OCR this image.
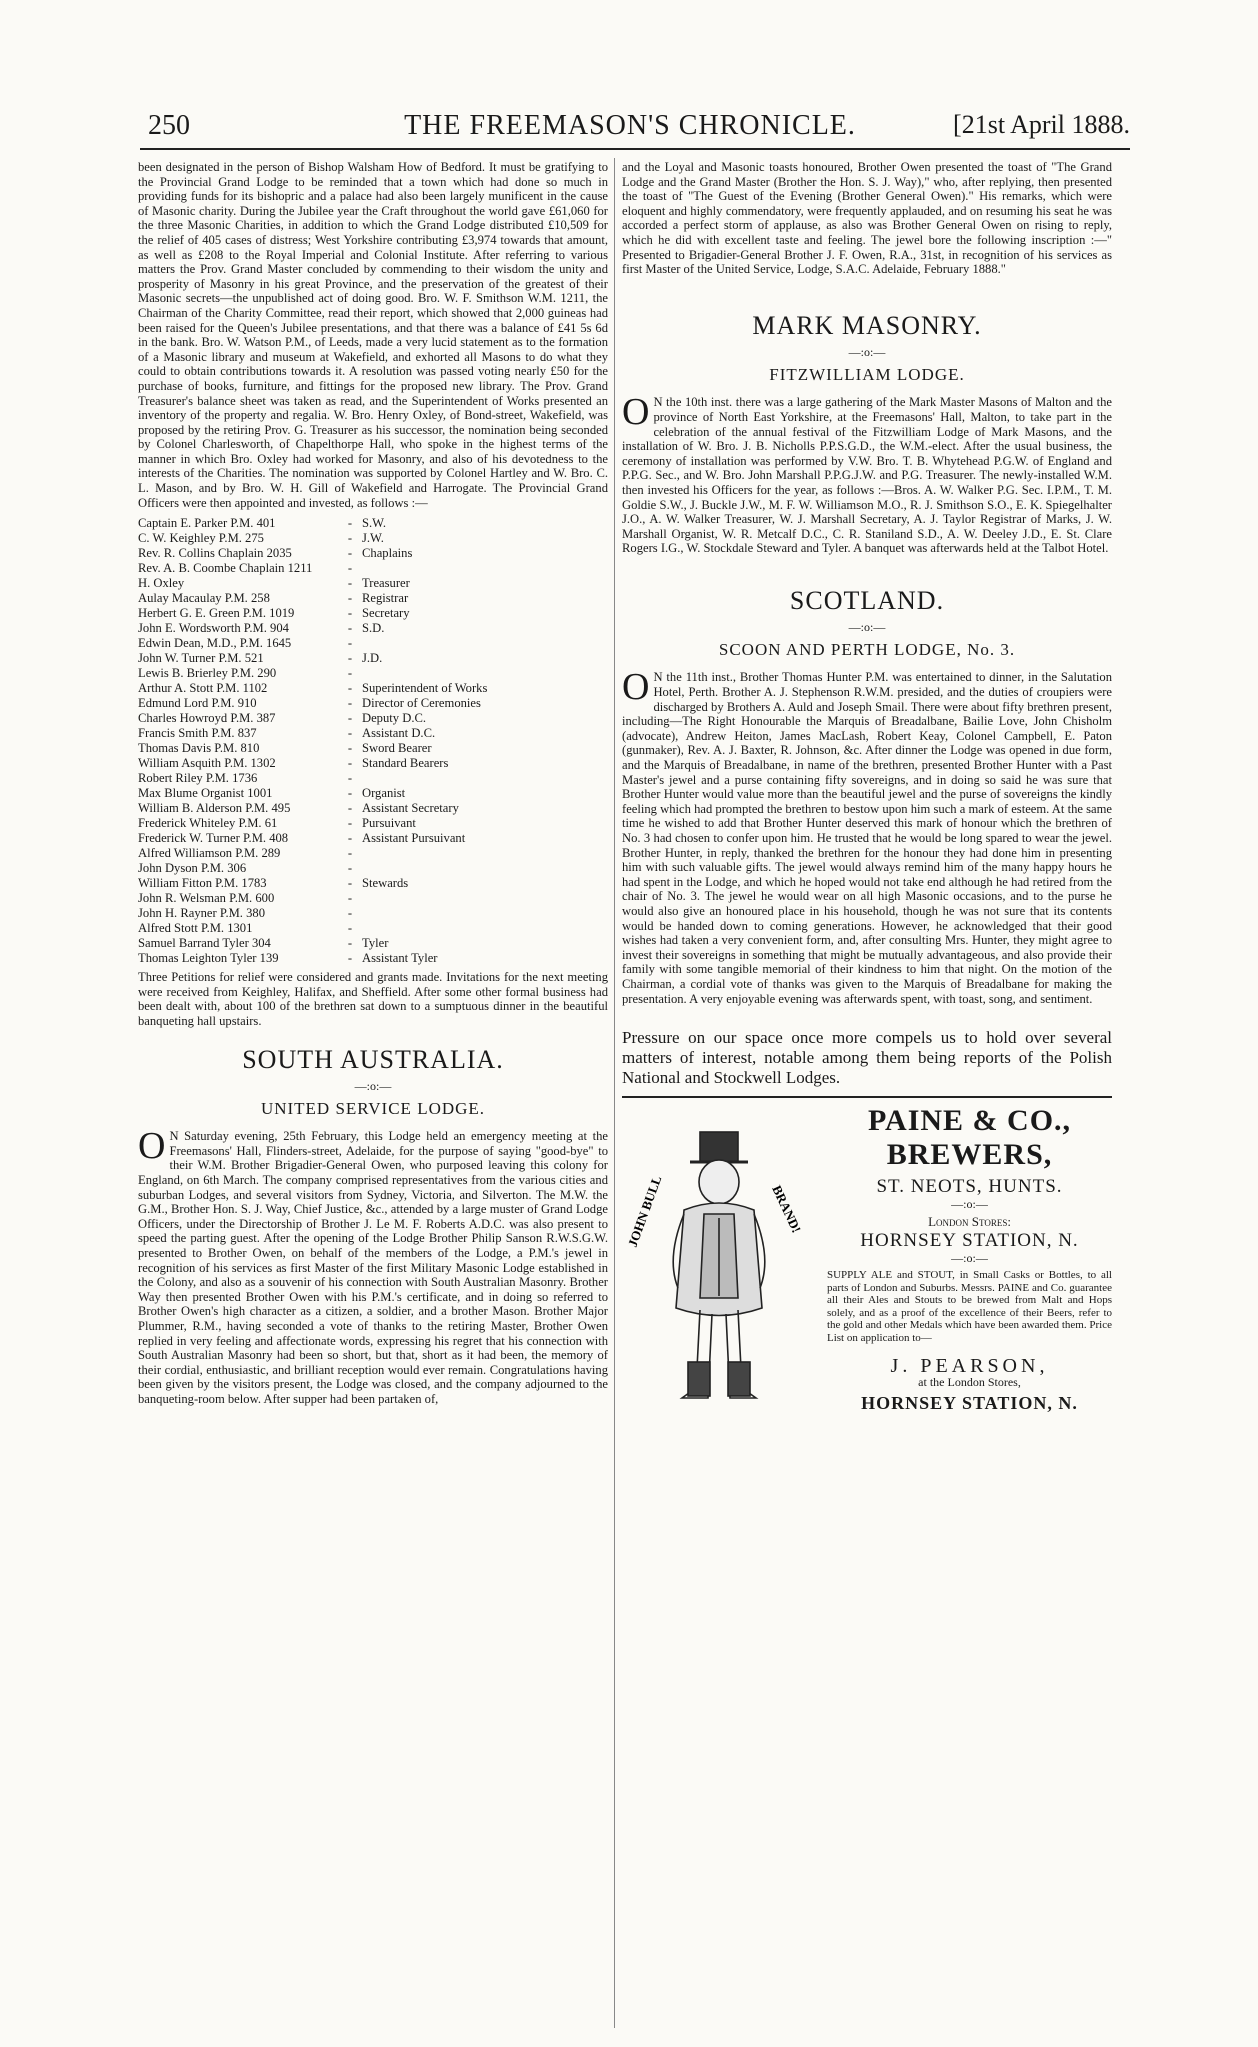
250	THE FREEMASON'S CHRONICLE.	[21st April 1888.

been designated in the person of Bishop Walsham How of Bedford. It must be gratifying to the Provincial Grand Lodge to be reminded that a town which had done so much in providing funds for its bishopric and a palace had also been largely munificent in the cause of Masonic charity. During the Jubilee year the Craft throughout the world gave £61,060 for the three Masonic Charities, in addition to which the Grand Lodge distributed £10,509 for the relief of 405 cases of distress; West Yorkshire contributing £3,974 towards that amount, as well as £208 to the Royal Imperial and Colonial Institute. After referring to various matters the Prov. Grand Master concluded by commending to their wisdom the unity and prosperity of Masonry in his great Province, and the preservation of the greatest of their Masonic secrets—the unpublished act of doing good. Bro. W. F. Smithson W.M. 1211, the Chairman of the Charity Committee, read their report, which showed that 2,000 guineas had been raised for the Queen's Jubilee presentations, and that there was a balance of £41 5s 6d in the bank. Bro. W. Watson P.M., of Leeds, made a very lucid statement as to the formation of a Masonic library and museum at Wakefield, and exhorted all Masons to do what they could to obtain contributions towards it. A resolution was passed voting nearly £50 for the purchase of books, furniture, and fittings for the proposed new library. The Prov. Grand Treasurer's balance sheet was taken as read, and the Superintendent of Works presented an inventory of the property and regalia. W. Bro. Henry Oxley, of Bond-street, Wakefield, was proposed by the retiring Prov. G. Treasurer as his successor, the nomination being seconded by Colonel Charlesworth, of Chapelthorpe Hall, who spoke in the highest terms of the manner in which Bro. Oxley had worked for Masonry, and also of his devotedness to the interests of the Charities. The nomination was supported by Colonel Hartley and W. Bro. C. L. Mason, and by Bro. W. H. Gill of Wakefield and Harrogate. The Provincial Grand Officers were then appointed and invested, as follows :—

Captain E. Parker P.M. 401	-	S.W.
C. W. Keighley P.M. 275	-	J.W.
Rev. R. Collins Chaplain 2035	-	Chaplains
Rev. A. B. Coombe Chaplain 1211	-	
H. Oxley	-	Treasurer
Aulay Macaulay P.M. 258	-	Registrar
Herbert G. E. Green P.M. 1019	-	Secretary
John E. Wordsworth P.M. 904	-	S.D.
Edwin Dean, M.D., P.M. 1645	-	
John W. Turner P.M. 521	-	J.D.
Lewis B. Brierley P.M. 290	-	
Arthur A. Stott P.M. 1102	-	Superintendent of Works
Edmund Lord P.M. 910	-	Director of Ceremonies
Charles Howroyd P.M. 387	-	Deputy D.C.
Francis Smith P.M. 837	-	Assistant D.C.
Thomas Davis P.M. 810	-	Sword Bearer
William Asquith P.M. 1302	-	Standard Bearers
Robert Riley P.M. 1736	-	
Max Blume Organist 1001	-	Organist
William B. Alderson P.M. 495	-	Assistant Secretary
Frederick Whiteley P.M. 61	-	Pursuivant
Frederick W. Turner P.M. 408	-	Assistant Pursuivant
Alfred Williamson P.M. 289	-	
John Dyson P.M. 306	-	
William Fitton P.M. 1783	-	Stewards
John R. Welsman P.M. 600	-	
John H. Rayner P.M. 380	-	
Alfred Stott P.M. 1301	-	
Samuel Barrand Tyler 304	-	Tyler
Thomas Leighton Tyler 139	-	Assistant Tyler

Three Petitions for relief were considered and grants made. Invitations for the next meeting were received from Keighley, Halifax, and Sheffield. After some other formal business had been dealt with, about 100 of the brethren sat down to a sumptuous dinner in the beautiful banqueting hall upstairs.

SOUTH AUSTRALIA.
—:o:—
UNITED SERVICE LODGE.

O N Saturday evening, 25th February, this Lodge held an emergency meeting at the Freemasons' Hall, Flinders-street, Adelaide, for the purpose of saying "good-bye" to their W.M. Brother Brigadier-General Owen, who purposed leaving this colony for England, on 6th March. The company comprised representatives from the various cities and suburban Lodges, and several visitors from Sydney, Victoria, and Silverton. The M.W. the G.M., Brother Hon. S. J. Way, Chief Justice, &c., attended by a large muster of Grand Lodge Officers, under the Directorship of Brother J. Le M. F. Roberts A.D.C. was also present to speed the parting guest. After the opening of the Lodge Brother Philip Sanson R.W.S.G.W. presented to Brother Owen, on behalf of the members of the Lodge, a P.M.'s jewel in recognition of his services as first Master of the first Military Masonic Lodge established in the Colony, and also as a souvenir of his connection with South Australian Masonry. Brother Way then presented Brother Owen with his P.M.'s certificate, and in doing so referred to Brother Owen's high character as a citizen, a soldier, and a brother Mason. Brother Major Plummer, R.M., having seconded a vote of thanks to the retiring Master, Brother Owen replied in very feeling and affectionate words, expressing his regret that his connection with South Australian Masonry had been so short, but that, short as it had been, the memory of their cordial, enthusiastic, and brilliant reception would ever remain. Congratulations having been given by the visitors present, the Lodge was closed, and the company adjourned to the banqueting-room below. After supper had been partaken of,

and the Loyal and Masonic toasts honoured, Brother Owen presented the toast of "The Grand Lodge and the Grand Master (Brother the Hon. S. J. Way)," who, after replying, then presented the toast of "The Guest of the Evening (Brother General Owen)." His remarks, which were eloquent and highly commendatory, were frequently applauded, and on resuming his seat he was accorded a perfect storm of applause, as also was Brother General Owen on rising to reply, which he did with excellent taste and feeling. The jewel bore the following inscription :—" Presented to Brigadier-General Brother J. F. Owen, R.A., 31st, in recognition of his services as first Master of the United Service, Lodge, S.A.C. Adelaide, February 1888."

MARK MASONRY.
—:o:—
FITZWILLIAM LODGE.

O N the 10th inst. there was a large gathering of the Mark Master Masons of Malton and the province of North East Yorkshire, at the Freemasons' Hall, Malton, to take part in the celebration of the annual festival of the Fitzwilliam Lodge of Mark Masons, and the installation of W. Bro. J. B. Nicholls P.P.S.G.D., the W.M.-elect. After the usual business, the ceremony of installation was performed by V.W. Bro. T. B. Whytehead P.G.W. of England and P.P.G. Sec., and W. Bro. John Marshall P.P.G.J.W. and P.G. Treasurer. The newly-installed W.M. then invested his Officers for the year, as follows :—Bros. A. W. Walker P.G. Sec. I.P.M., T. M. Goldie S.W., J. Buckle J.W., M. F. W. Williamson M.O., R. J. Smithson S.O., E. K. Spiegelhalter J.O., A. W. Walker Treasurer, W. J. Marshall Secretary, A. J. Taylor Registrar of Marks, J. W. Marshall Organist, W. R. Metcalf D.C., C. R. Staniland S.D., A. W. Deeley J.D., E. St. Clare Rogers I.G., W. Stockdale Steward and Tyler. A banquet was afterwards held at the Talbot Hotel.

SCOTLAND.
—:o:—
SCOON AND PERTH LODGE, No. 3.

O N the 11th inst., Brother Thomas Hunter P.M. was entertained to dinner, in the Salutation Hotel, Perth. Brother A. J. Stephenson R.W.M. presided, and the duties of croupiers were discharged by Brothers A. Auld and Joseph Smail. There were about fifty brethren present, including—The Right Honourable the Marquis of Breadalbane, Bailie Love, John Chisholm (advocate), Andrew Heiton, James MacLash, Robert Keay, Colonel Campbell, E. Paton (gunmaker), Rev. A. J. Baxter, R. Johnson, &c. After dinner the Lodge was opened in due form, and the Marquis of Breadalbane, in name of the brethren, presented Brother Hunter with a Past Master's jewel and a purse containing fifty sovereigns, and in doing so said he was sure that Brother Hunter would value more than the beautiful jewel and the purse of sovereigns the kindly feeling which had prompted the brethren to bestow upon him such a mark of esteem. At the same time he wished to add that Brother Hunter deserved this mark of honour which the brethren of No. 3 had chosen to confer upon him. He trusted that he would be long spared to wear the jewel. Brother Hunter, in reply, thanked the brethren for the honour they had done him in presenting him with such valuable gifts. The jewel would always remind him of the many happy hours he had spent in the Lodge, and which he hoped would not take end although he had retired from the chair of No. 3. The jewel he would wear on all high Masonic occasions, and to the purse he would also give an honoured place in his household, though he was not sure that its contents would be handed down to coming generations. However, he acknowledged that their good wishes had taken a very convenient form, and, after consulting Mrs. Hunter, they might agree to invest their sovereigns in something that might be mutually advantageous, and also provide their family with some tangible memorial of their kindness to him that night. On the motion of the Chairman, a cordial vote of thanks was given to the Marquis of Breadalbane for making the presentation. A very enjoyable evening was afterwards spent, with toast, song, and sentiment.

Pressure on our space once more compels us to hold over several matters of interest, notable among them being reports of the Polish National and Stockwell Lodges.

JOHN BULL	BRAND!
PAINE & CO., BREWERS,
ST. NEOTS, HUNTS.
—:o:—
London Stores:
HORNSEY STATION, N.
—:o:—
SUPPLY ALE and STOUT, in Small Casks or Bottles, to all parts of London and Suburbs. Messrs. PAINE and Co. guarantee all their Ales and Stouts to be brewed from Malt and Hops solely, and as a proof of the excellence of their Beers, refer to the gold and other Medals which have been awarded them. Price List on application to—
J. PEARSON,
at the London Stores,
HORNSEY STATION, N.
